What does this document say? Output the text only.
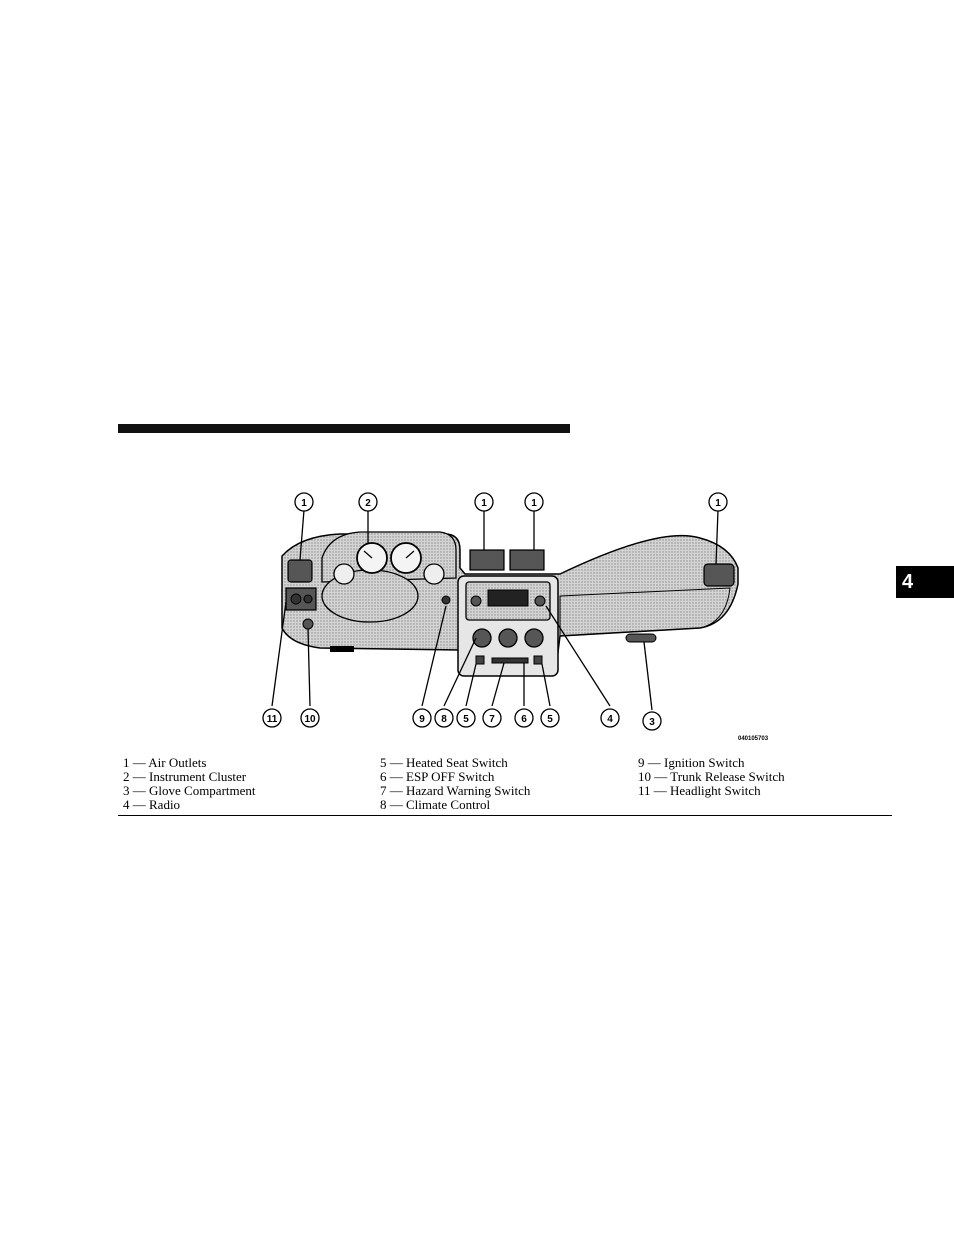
4
1	2	1	1	1
11	10	9 8 5 7	6 5	4	3
040105703
1 — Air Outlets
2 — Instrument Cluster
3 — Glove Compartment
4 — Radio
5 — Heated Seat Switch
6 — ESP OFF Switch
7 — Hazard Warning Switch
8 — Climate Control
9 — Ignition Switch
10 — Trunk Release Switch
11 — Headlight Switch
